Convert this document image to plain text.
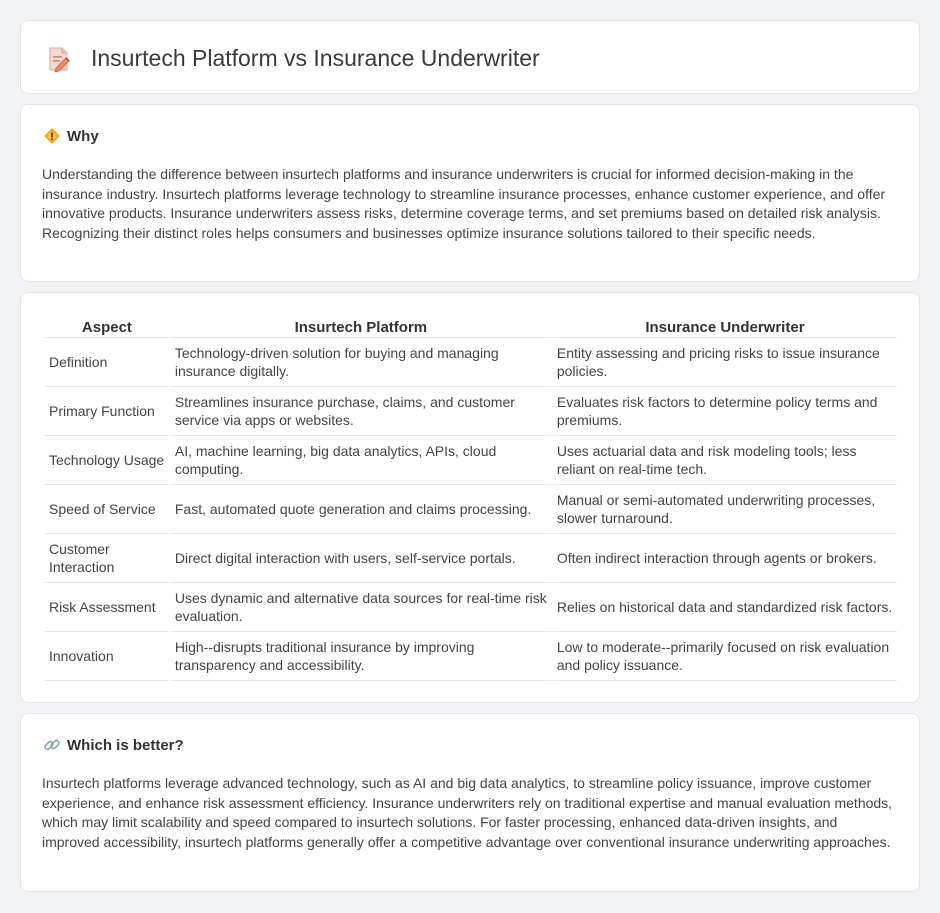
Insurtech Platform vs Insurance Underwriter
Why

Understanding the difference between insurtech platforms and insurance underwriters is crucial for informed decision-making in the insurance industry. Insurtech platforms leverage technology to streamline insurance processes, enhance customer experience, and offer innovative products. Insurance underwriters assess risks, determine coverage terms, and set premiums based on detailed risk analysis. Recognizing their distinct roles helps consumers and businesses optimize insurance solutions tailored to their specific needs.

Aspect	Insurtech Platform	Insurance Underwriter
Definition	Technology-driven solution for buying and managing insurance digitally.	Entity assessing and pricing risks to issue insurance policies.
Primary Function	Streamlines insurance purchase, claims, and customer service via apps or websites.	Evaluates risk factors to determine policy terms and premiums.
Technology Usage	AI, machine learning, big data analytics, APIs, cloud computing.	Uses actuarial data and risk modeling tools; less reliant on real-time tech.
Speed of Service	Fast, automated quote generation and claims processing.	Manual or semi-automated underwriting processes, slower turnaround.
Customer Interaction	Direct digital interaction with users, self-service portals.	Often indirect interaction through agents or brokers.
Risk Assessment	Uses dynamic and alternative data sources for real-time risk evaluation.	Relies on historical data and standardized risk factors.
Innovation	High--disrupts traditional insurance by improving transparency and accessibility.	Low to moderate--primarily focused on risk evaluation and policy issuance.
Which is better?

Insurtech platforms leverage advanced technology, such as AI and big data analytics, to streamline policy issuance, improve customer experience, and enhance risk assessment efficiency. Insurance underwriters rely on traditional expertise and manual evaluation methods, which may limit scalability and speed compared to insurtech solutions. For faster processing, enhanced data-driven insights, and improved accessibility, insurtech platforms generally offer a competitive advantage over conventional insurance underwriting approaches.
